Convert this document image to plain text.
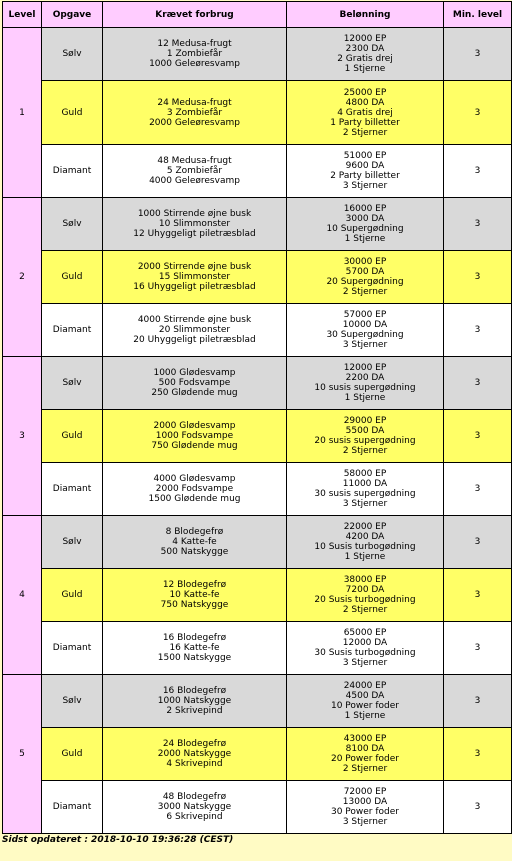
Level	Opgave	Krævet forbrug	Belønning	Min. level
1	Sølv	12 Medusa-frugt
1 Zombiefår
1000 Geleøresvamp	12000 EP
2300 DA
2 Gratis drej
1 Stjerne	3
	Guld	24 Medusa-frugt
3 Zombiefår
2000 Geleøresvamp	25000 EP
4800 DA
4 Gratis drej
1 Party billetter
2 Stjerner	3
	Diamant	48 Medusa-frugt
5 Zombiefår
4000 Geleøresvamp	51000 EP
9600 DA
2 Party billetter
3 Stjerner	3
2	Sølv	1000 Stirrende øjne busk
10 Slimmonster
12 Uhyggeligt piletræsblad	16000 EP
3000 DA
10 Supergødning
1 Stjerne	3
	Guld	2000 Stirrende øjne busk
15 Slimmonster
16 Uhyggeligt piletræsblad	30000 EP
5700 DA
20 Supergødning
2 Stjerner	3
	Diamant	4000 Stirrende øjne busk
20 Slimmonster
20 Uhyggeligt piletræsblad	57000 EP
10000 DA
30 Supergødning
3 Stjerner	3
3	Sølv	1000 Glødesvamp
500 Fodsvampe
250 Glødende mug	12000 EP
2200 DA
10 susis supergødning
1 Stjerne	3
	Guld	2000 Glødesvamp
1000 Fodsvampe
750 Glødende mug	29000 EP
5500 DA
20 susis supergødning
2 Stjerner	3
	Diamant	4000 Glødesvamp
2000 Fodsvampe
1500 Glødende mug	58000 EP
11000 DA
30 susis supergødning
3 Stjerner	3
4	Sølv	8 Blodegefrø
4 Katte-fe
500 Natskygge	22000 EP
4200 DA
10 Susis turbogødning
1 Stjerne	3
	Guld	12 Blodegefrø
10 Katte-fe
750 Natskygge	38000 EP
7200 DA
20 Susis turbogødning
2 Stjerner	3
	Diamant	16 Blodegefrø
16 Katte-fe
1500 Natskygge	65000 EP
12000 DA
30 Susis turbogødning
3 Stjerner	3
5	Sølv	16 Blodegefrø
1000 Natskygge
2 Skrivepind	24000 EP
4500 DA
10 Power foder
1 Stjerne	3
	Guld	24 Blodegefrø
2000 Natskygge
4 Skrivepind	43000 EP
8100 DA
20 Power foder
2 Stjerner	3
	Diamant	48 Blodegefrø
3000 Natskygge
6 Skrivepind	72000 EP
13000 DA
30 Power foder
3 Stjerner	3
Sidst opdateret : 2018-10-10 19:36:28 (CEST)
